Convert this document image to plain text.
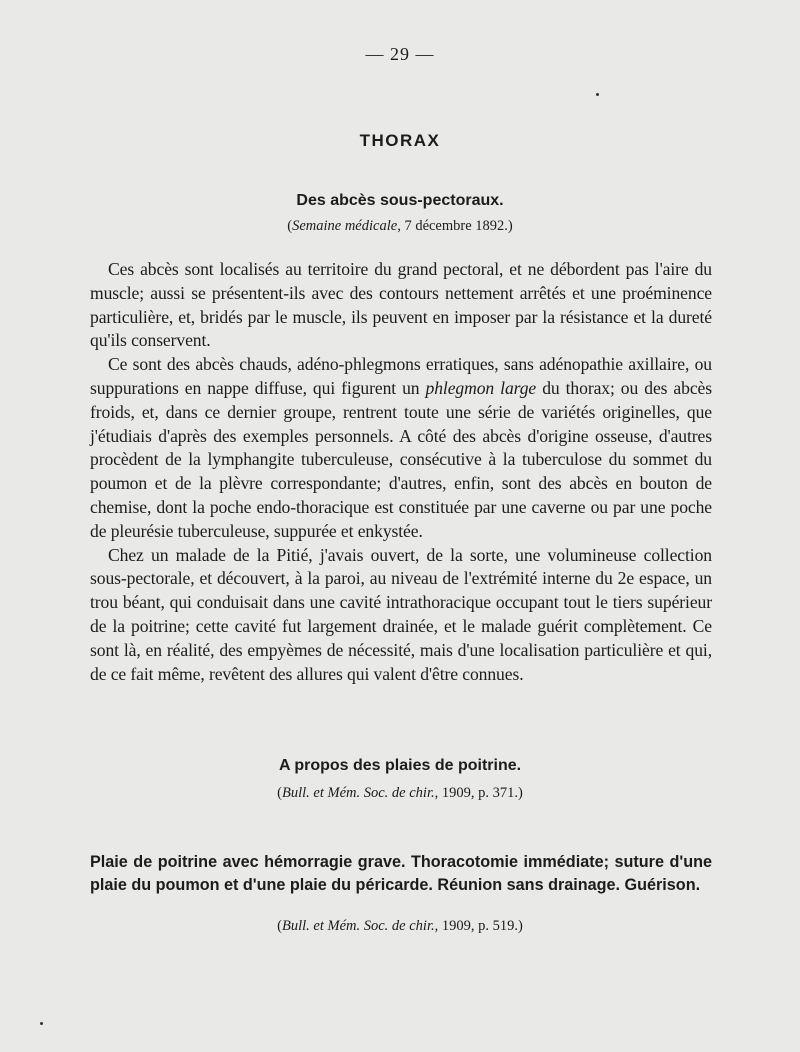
— 29 —
THORAX
Des abcès sous-pectoraux.
(Semaine médicale, 7 décembre 1892.)

Ces abcès sont localisés au territoire du grand pectoral, et ne débordent pas l'aire du muscle; aussi se présentent-ils avec des contours nettement arrêtés et une proéminence particulière, et, bridés par le muscle, ils peuvent en imposer par la résistance et la dureté qu'ils conservent.

Ce sont des abcès chauds, adéno-phlegmons erratiques, sans adénopathie axillaire, ou suppurations en nappe diffuse, qui figurent un phlegmon large du thorax; ou des abcès froids, et, dans ce dernier groupe, rentrent toute une série de variétés originelles, que j'étudiais d'après des exemples personnels. A côté des abcès d'origine osseuse, d'autres procèdent de la lymphangite tuberculeuse, consécutive à la tuberculose du sommet du poumon et de la plèvre correspondante; d'autres, enfin, sont des abcès en bouton de chemise, dont la poche endo-thoracique est constituée par une caverne ou par une poche de pleurésie tuberculeuse, suppurée et enkystée.

Chez un malade de la Pitié, j'avais ouvert, de la sorte, une volumineuse collection sous-pectorale, et découvert, à la paroi, au niveau de l'extrémité interne du 2e espace, un trou béant, qui conduisait dans une cavité intrathoracique occupant tout le tiers supérieur de la poitrine; cette cavité fut largement drainée, et le malade guérit complètement. Ce sont là, en réalité, des empyèmes de nécessité, mais d'une localisation particulière et qui, de ce fait même, revêtent des allures qui valent d'être connues.

A propos des plaies de poitrine.
(Bull. et Mém. Soc. de chir., 1909, p. 371.)
Plaie de poitrine avec hémorragie grave. Thoracotomie immédiate; suture d'une plaie du poumon et d'une plaie du péricarde. Réunion sans drainage. Guérison.
(Bull. et Mém. Soc. de chir., 1909, p. 519.)
